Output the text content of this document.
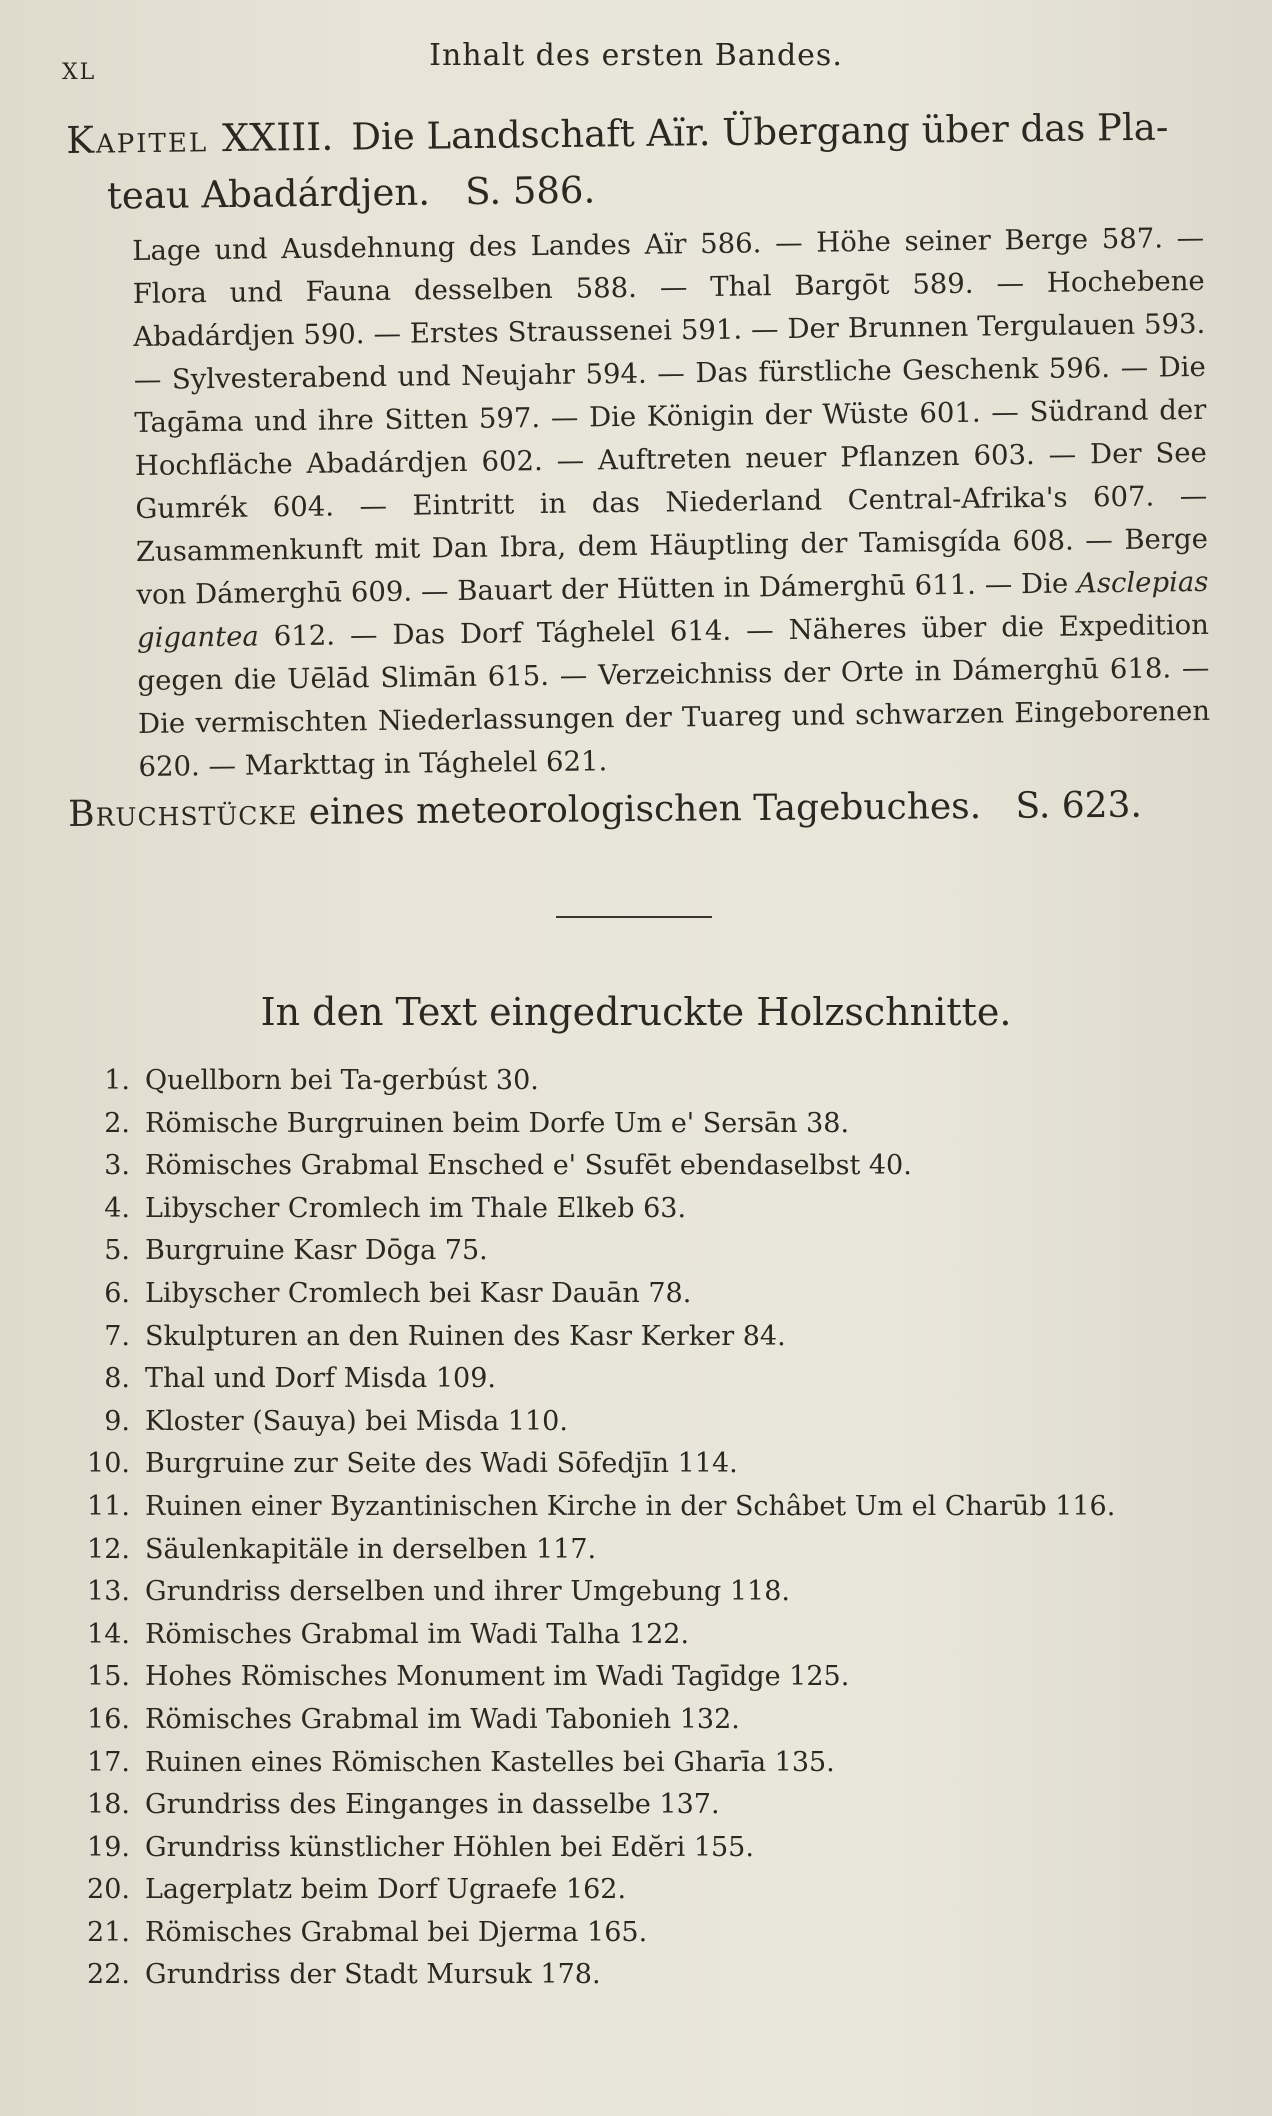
XL	Inhalt des ersten Bandes.
Kapitel XXIII. Die Landschaft Aïr. Übergang über das Pla-
teau Abadárdjen. S. 586.
Lage und Ausdehnung des Landes Aïr 586. — Höhe seiner Berge 587. — Flora und Fauna desselben 588. — Thal Bargōt 589. — Hochebene Abadárdjen 590. — Erstes Straussenei 591. — Der Brunnen Tergulauen 593. — Sylvesterabend und Neujahr 594. — Das fürstliche Geschenk 596. — Die Tagāma und ihre Sitten 597. — Die Königin der Wüste 601. — Südrand der Hochfläche Abadárdjen 602. — Auftreten neuer Pflanzen 603. — Der See Gumrék 604. — Eintritt in das Niederland Central-Afrika's 607. — Zusammenkunft mit Dan Ibra, dem Häuptling der Tamisgída 608. — Berge von Dámerghū 609. — Bauart der Hütten in Dámerghū 611. — Die Asclepias gigantea 612. — Das Dorf Tághelel 614. — Näheres über die Expedition gegen die Uēlād Slimān 615. — Verzeichniss der Orte in Dámerghū 618. — Die vermischten Niederlassungen der Tuareg und schwarzen Eingeborenen 620. — Markttag in Tághelel 621.
Bruchstücke eines meteorologischen Tagebuches. S. 623.
In den Text eingedruckte Holzschnitte.
1. Quellborn bei Ta-gerbúst 30.
2. Römische Burgruinen beim Dorfe Um e' Sersān 38.
3. Römisches Grabmal Ensched e' Ssufēt ebendaselbst 40.
4. Libyscher Cromlech im Thale Elkeb 63.
5. Burgruine Kasr Dōga 75.
6. Libyscher Cromlech bei Kasr Dauān 78.
7. Skulpturen an den Ruinen des Kasr Kerker 84.
8. Thal und Dorf Misda 109.
9. Kloster (Sauya) bei Misda 110.
10. Burgruine zur Seite des Wadi Sōfedjīn 114.
11. Ruinen einer Byzantinischen Kirche in der Schâbet Um el Charūb 116.
12. Säulenkapitäle in derselben 117.
13. Grundriss derselben und ihrer Umgebung 118.
14. Römisches Grabmal im Wadi Talha 122.
15. Hohes Römisches Monument im Wadi Tagīdge 125.
16. Römisches Grabmal im Wadi Tabonieh 132.
17. Ruinen eines Römischen Kastelles bei Gharīa 135.
18. Grundriss des Einganges in dasselbe 137.
19. Grundriss künstlicher Höhlen bei Edĕri 155.
20. Lagerplatz beim Dorf Ugraefe 162.
21. Römisches Grabmal bei Djerma 165.
22. Grundriss der Stadt Mursuk 178.
